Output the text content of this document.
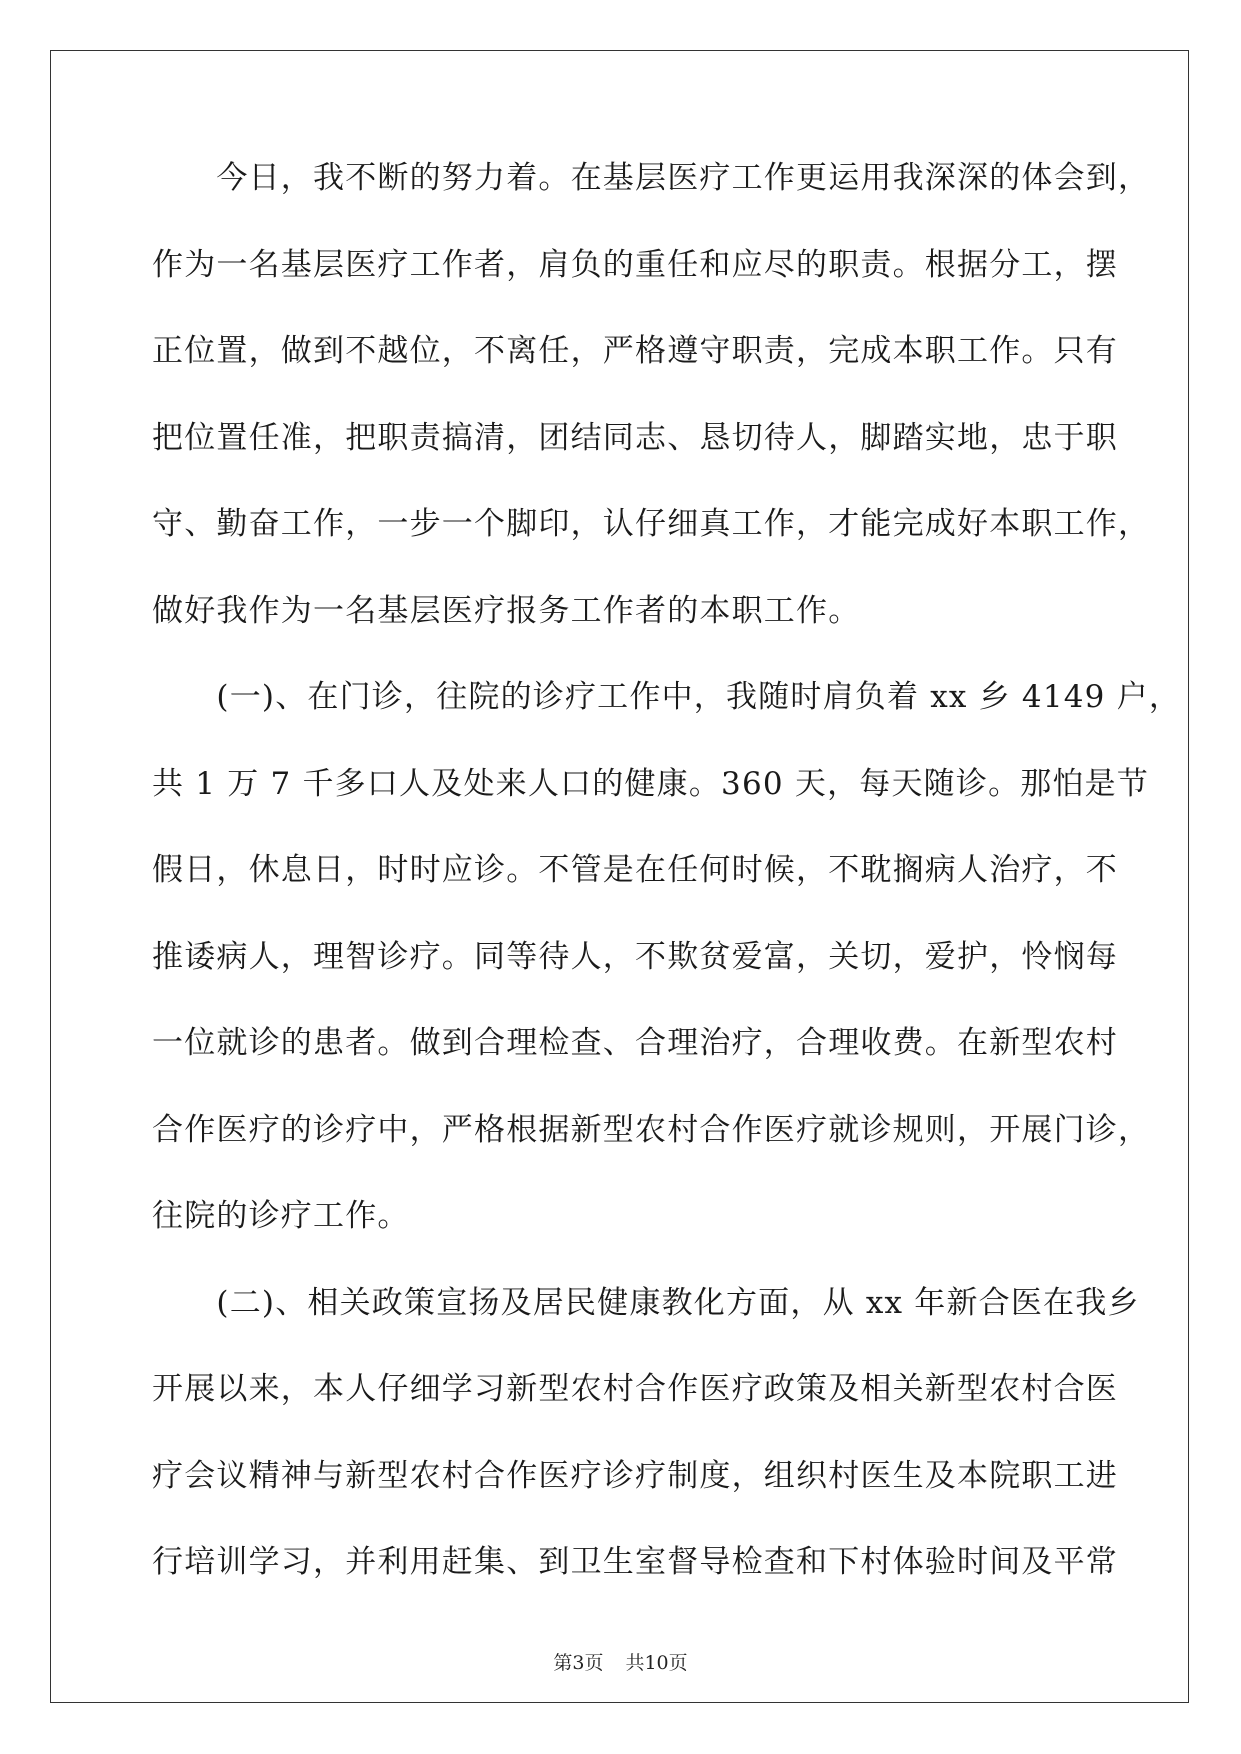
　　今日，我不断的努力着。在基层医疗工作更运用我深深的体会到，
作为一名基层医疗工作者，肩负的重任和应尽的职责。根据分工，摆
正位置，做到不越位，不离任，严格遵守职责，完成本职工作。只有
把位置任准，把职责搞清，团结同志、恳切待人，脚踏实地，忠于职
守、勤奋工作，一步一个脚印，认仔细真工作，才能完成好本职工作，
做好我作为一名基层医疗报务工作者的本职工作。
　　(一)、在门诊，往院的诊疗工作中，我随时肩负着 xx 乡 4149 户，
共 1 万 7 千多口人及处来人口的健康。360 天，每天随诊。那怕是节
假日，休息日，时时应诊。不管是在任何时候，不耽搁病人治疗，不
推诿病人，理智诊疗。同等待人，不欺贫爱富，关切，爱护，怜悯每
一位就诊的患者。做到合理检查、合理治疗，合理收费。在新型农村
合作医疗的诊疗中，严格根据新型农村合作医疗就诊规则，开展门诊，
往院的诊疗工作。
　　(二)、相关政策宣扬及居民健康教化方面，从 xx 年新合医在我乡
开展以来，本人仔细学习新型农村合作医疗政策及相关新型农村合医
疗会议精神与新型农村合作医疗诊疗制度，组织村医生及本院职工进
行培训学习，并利用赶集、到卫生室督导检查和下村体验时间及平常
第3页 共10页
